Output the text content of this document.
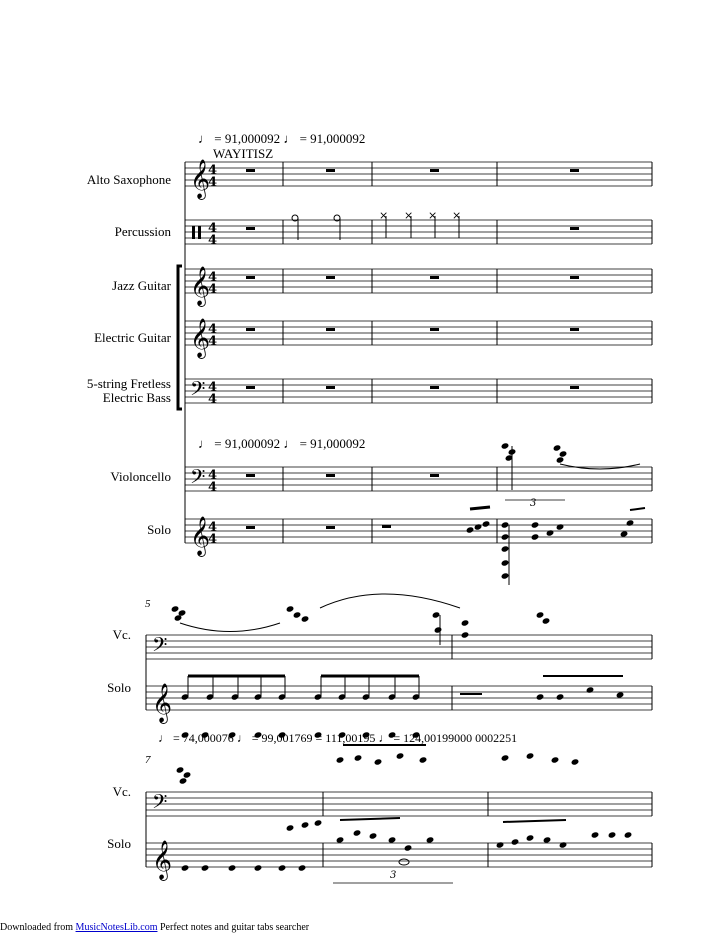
𝄞
4
4
4
4
𝄞
4
4
𝄞
4
4
𝄢 4
4
𝄢 4
4
𝄞
4
4
× × × ×
3
𝄢
𝄞
𝄢
𝄞	3
♩ = 91,000092 ♩ = 91,000092
WAYITISZ
♩ = 91,000092 ♩ = 91,000092
♩ = 74,000076 ♩ = 99,001769 = 111,00195 ♩ = 124,00199000 0002251
Alto Saxophone
Percussion
Jazz Guitar
Electric Guitar
5-string Fretless
Electric Bass
Violoncello
Solo
Vc.
Solo
Vc.
Solo
5
7
Downloaded from MusicNotesLib.com Perfect notes and guitar tabs searcher
